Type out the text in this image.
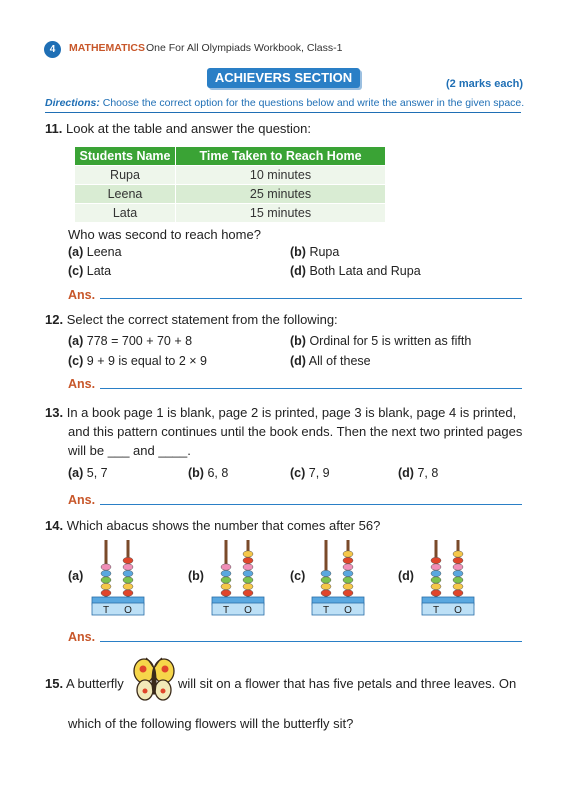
4	MATHEMATICS One For All Olympiads Workbook, Class-1
ACHIEVERS SECTION	(2 marks each)
Directions: Choose the correct option for the questions below and write the answer in the given space.
11. Look at the table and answer the question:
Students Name	Time Taken to Reach Home
Rupa	10 minutes
Leena	25 minutes
Lata	15 minutes
Who was second to reach home?
(a) Leena	(b) Rupa
(c) Lata	(d) Both Lata and Rupa
Ans.
12. Select the correct statement from the following:
(a) 778 = 700 + 70 + 8	(b) Ordinal for 5 is written as fifth
(c) 9 + 9 is equal to 2 × 9	(d) All of these
Ans.
13. In a book page 1 is blank, page 2 is printed, page 3 is blank, page 4 is printed,
and this pattern continues until the book ends. Then the next two printed pages
will be ___ and ____.
(a) 5, 7	(b) 6, 8	(c) 7, 9	(d) 7, 8
Ans.
14. Which abacus shows the number that comes after 56?
(a)	(b)	(c)	(d)
T O	T O	T O	T O
Ans.
15. A butterfly	will sit on a flower that has five petals and three leaves. On
which of the following flowers will the butterfly sit?
